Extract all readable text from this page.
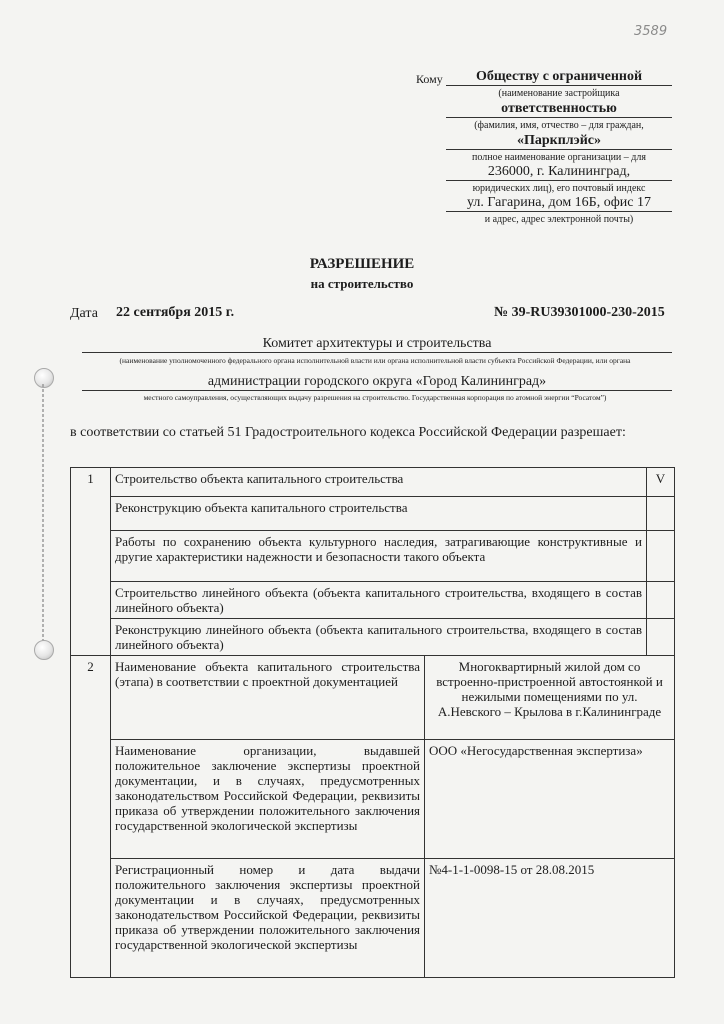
3589
Кому	Обществу с ограниченной
(наименование застройщика
ответственностью
(фамилия, имя, отчество – для граждан,
«Паркплэйс»
полное наименование организации – для
236000, г. Калининград,
юридических лиц), его почтовый индекс
ул. Гагарина, дом 16Б, офис 17
и адрес, адрес электронной почты)
РАЗРЕШЕНИЕ
на строительство
Дата 22 сентября 2015 г.	№ 39-RU39301000-230-2015
Комитет архитектуры и строительства
(наименование уполномоченного федерального органа исполнительной власти или органа исполнительной власти субъекта Российской Федерации, или органа
администрации городского округа «Город Калининград»
местного самоуправления, осуществляющих выдачу разрешения на строительство. Государственная корпорация по атомной энергии “Росатом”)
в соответствии со статьей 51 Градостроительного кодекса Российской Федерации разрешает:
1	Строительство объекта капитального строительства		V
	Реконструкцию объекта капитального строительства		
	Работы по сохранению объекта культурного наследия, затрагивающие конструктивные и другие характеристики надежности и безопасности такого объекта		
	Строительство линейного объекта (объекта капитального строительства, входящего в состав линейного объекта)		
	Реконструкцию линейного объекта (объекта капитального строительства, входящего в состав линейного объекта)		
2	Наименование объекта капитального строительства (этапа) в соответствии с проектной документацией	Многоквартирный жилой дом со встроенно-пристроенной автостоянкой и нежилыми помещениями по ул. А.Невского – Крылова в г.Калининграде	
	Наименование организации, выдавшей положительное заключение экспертизы проектной документации, и в случаях, предусмотренных законодательством Российской Федерации, реквизиты приказа об утверждении положительного заключения государственной экологической экспертизы	ООО «Негосударственная экспертиза»	
	Регистрационный номер и дата выдачи положительного заключения экспертизы проектной документации и в случаях, предусмотренных законодательством Российской Федерации, реквизиты приказа об утверждении положительного заключения государственной экологической экспертизы	№4-1-1-0098-15 от 28.08.2015	
